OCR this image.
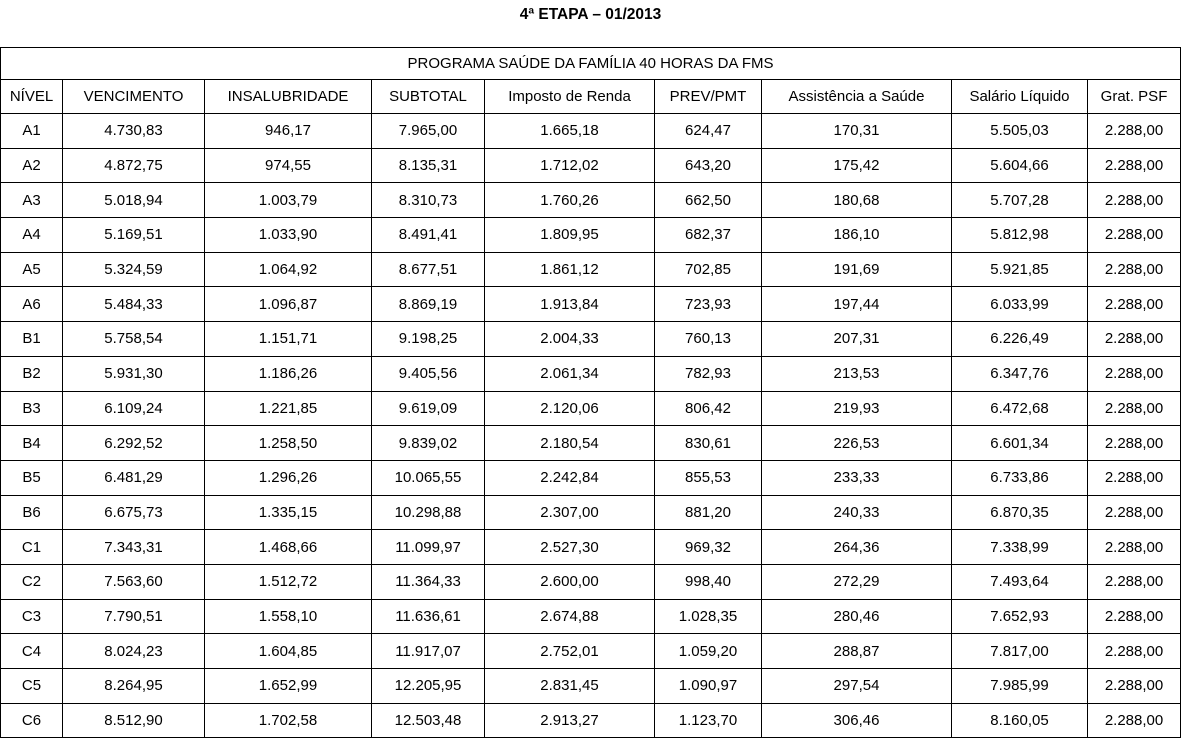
4ª ETAPA – 01/2013
PROGRAMA SAÚDE DA FAMÍLIA 40 HORAS DA FMS								
NÍVEL	VENCIMENTO	INSALUBRIDADE	SUBTOTAL	Imposto de Renda	PREV/PMT	Assistência a Saúde	Salário Líquido	Grat. PSF
A1	4.730,83	946,17	7.965,00	1.665,18	624,47	170,31	5.505,03	2.288,00
A2	4.872,75	974,55	8.135,31	1.712,02	643,20	175,42	5.604,66	2.288,00
A3	5.018,94	1.003,79	8.310,73	1.760,26	662,50	180,68	5.707,28	2.288,00
A4	5.169,51	1.033,90	8.491,41	1.809,95	682,37	186,10	5.812,98	2.288,00
A5	5.324,59	1.064,92	8.677,51	1.861,12	702,85	191,69	5.921,85	2.288,00
A6	5.484,33	1.096,87	8.869,19	1.913,84	723,93	197,44	6.033,99	2.288,00
B1	5.758,54	1.151,71	9.198,25	2.004,33	760,13	207,31	6.226,49	2.288,00
B2	5.931,30	1.186,26	9.405,56	2.061,34	782,93	213,53	6.347,76	2.288,00
B3	6.109,24	1.221,85	9.619,09	2.120,06	806,42	219,93	6.472,68	2.288,00
B4	6.292,52	1.258,50	9.839,02	2.180,54	830,61	226,53	6.601,34	2.288,00
B5	6.481,29	1.296,26	10.065,55	2.242,84	855,53	233,33	6.733,86	2.288,00
B6	6.675,73	1.335,15	10.298,88	2.307,00	881,20	240,33	6.870,35	2.288,00
C1	7.343,31	1.468,66	11.099,97	2.527,30	969,32	264,36	7.338,99	2.288,00
C2	7.563,60	1.512,72	11.364,33	2.600,00	998,40	272,29	7.493,64	2.288,00
C3	7.790,51	1.558,10	11.636,61	2.674,88	1.028,35	280,46	7.652,93	2.288,00
C4	8.024,23	1.604,85	11.917,07	2.752,01	1.059,20	288,87	7.817,00	2.288,00
C5	8.264,95	1.652,99	12.205,95	2.831,45	1.090,97	297,54	7.985,99	2.288,00
C6	8.512,90	1.702,58	12.503,48	2.913,27	1.123,70	306,46	8.160,05	2.288,00
